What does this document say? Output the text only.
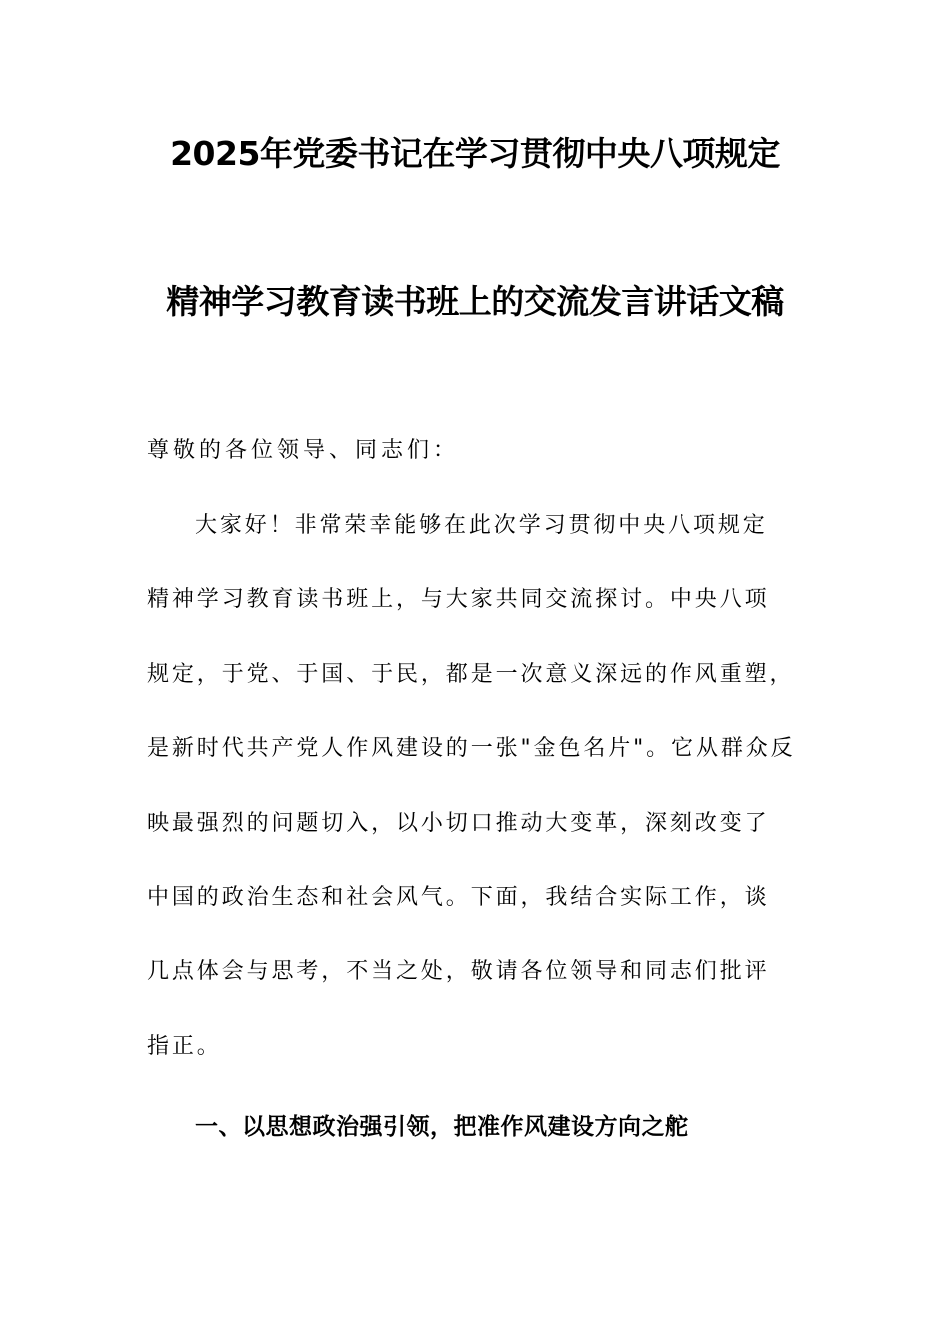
2025年党委书记在学习贯彻中央八项规定
精神学习教育读书班上的交流发言讲话文稿
尊敬的各位领导、同志们：
大家好！非常荣幸能够在此次学习贯彻中央八项规定
精神学习教育读书班上，与大家共同交流探讨。中央八项
规定，于党、于国、于民，都是一次意义深远的作风重塑，
是新时代共产党人作风建设的一张"金色名片"。它从群众反
映最强烈的问题切入，以小切口推动大变革，深刻改变了
中国的政治生态和社会风气。下面，我结合实际工作，谈
几点体会与思考，不当之处，敬请各位领导和同志们批评
指正。
一、以思想政治强引领，把准作风建设方向之舵
